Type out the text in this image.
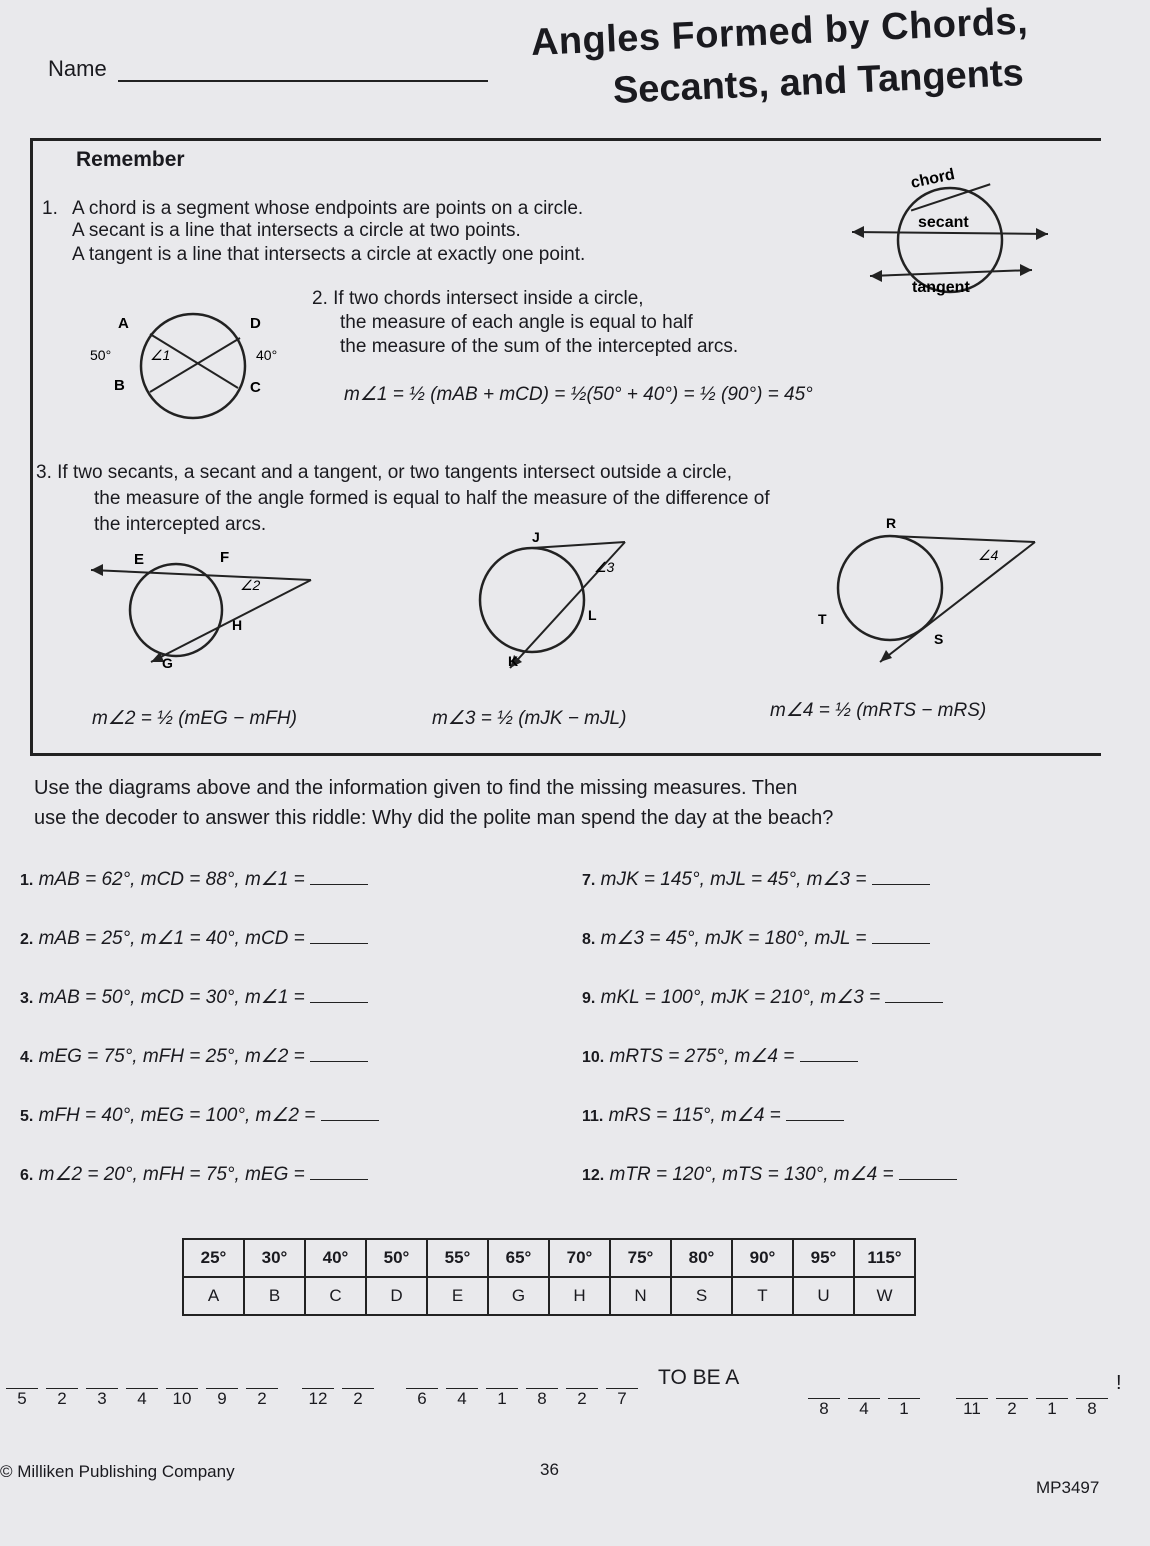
Name
Angles Formed by Chords,
Secants, and Tangents
Remember
1. A chord is a segment whose endpoints are points on a circle.
A secant is a line that intersects a circle at two points.
A tangent is a line that intersects a circle at exactly one point.
chord
secant
tangent
A	D
50°	40°
∠1
B	C
2. If two chords intersect inside a circle,
the measure of each angle is equal to half
the measure of the sum of the intercepted arcs.
m∠1 = ½ (mAB + mCD) = ½(50° + 40°) = ½ (90°) = 45°
3. If two secants, a secant and a tangent, or two tangents intersect outside a circle,
the measure of the angle formed is equal to half the measure of the difference of
the intercepted arcs.
E	F
∠2
H
G
J
∠3
L
K
R
∠4
T
S
m∠2 = ½ (mEG − mFH)	m∠3 = ½ (mJK − mJL)	m∠4 = ½ (mRTS − mRS)
Use the diagrams above and the information given to find the missing measures. Then
use the decoder to answer this riddle: Why did the polite man spend the day at the beach?
1. mAB = 62°, mCD = 88°, m∠1 =
2. mAB = 25°, m∠1 = 40°, mCD =
3. mAB = 50°, mCD = 30°, m∠1 =
4. mEG = 75°, mFH = 25°, m∠2 =
5. mFH = 40°, mEG = 100°, m∠2 =
6. m∠2 = 20°, mFH = 75°, mEG =
7. mJK = 145°, mJL = 45°, m∠3 =
8. m∠3 = 45°, mJK = 180°, mJL =
9. mKL = 100°, mJK = 210°, m∠3 =
10. mRTS = 275°, m∠4 =
11. mRS = 115°, m∠4 =
12. mTR = 120°, mTS = 130°, m∠4 =
25°	30°	40°	50°	55°	65°	70°	75°	80°	90°	95°	115°
A	B	C	D	E	G	H	N	S	T	U	W
5	2	3	4	10	9	2	12	2	6	4	1	8	2	7
TO BE A
8	4	1	11	2	1	8
!
© Milliken Publishing Company	36
MP3497
